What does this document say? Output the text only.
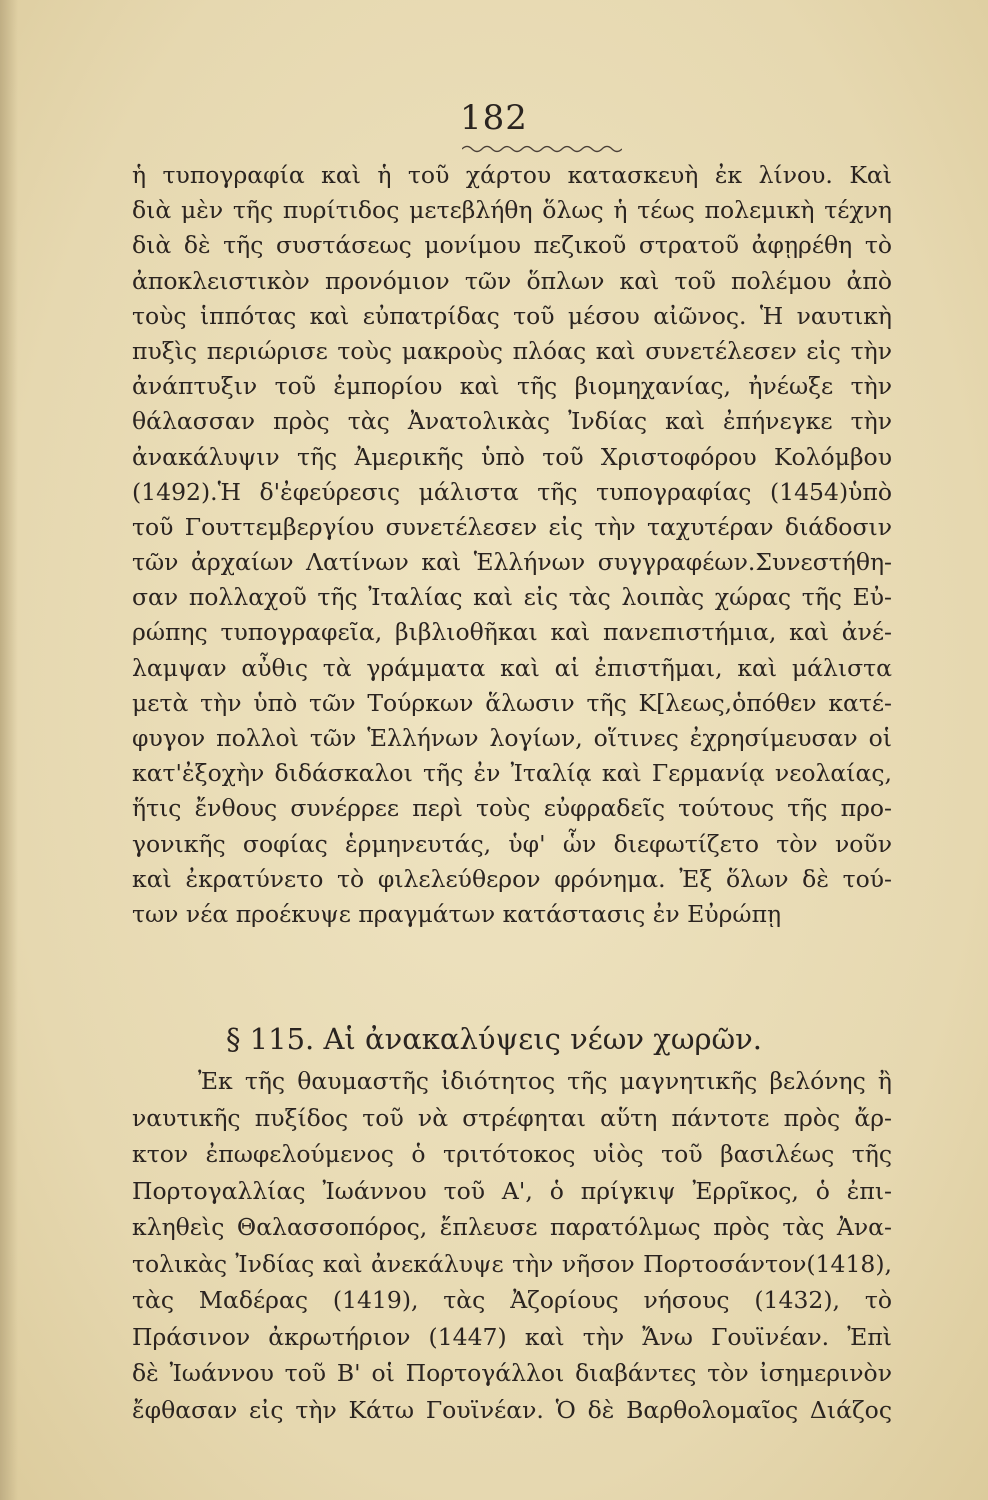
182
ἡ τυπογραφία καὶ ἡ τοῦ χάρτου κατασκευὴ ἐκ λίνου. Καὶ
διὰ μὲν τῆς πυρίτιδος μετεβλήθη ὅλως ἡ τέως πολεμικὴ τέχνη
διὰ δὲ τῆς συστάσεως μονίμου πεζικοῦ στρατοῦ ἀφῃρέθη τὸ
ἀποκλειστικὸν προνόμιον τῶν ὅπλων καὶ τοῦ πολέμου ἀπὸ
τοὺς ἱππότας καὶ εὐπατρίδας τοῦ μέσου αἰῶνος. Ἡ ναυτικὴ
πυξὶς περιώρισε τοὺς μακροὺς πλόας καὶ συνετέλεσεν εἰς τὴν
ἀνάπτυξιν τοῦ ἐμπορίου καὶ τῆς βιομηχανίας, ἠνέωξε τὴν
θάλασσαν πρὸς τὰς Ἀνατολικὰς Ἰνδίας καὶ ἐπήνεγκε τὴν
ἀνακάλυψιν τῆς Ἀμερικῆς ὑπὸ τοῦ Χριστοφόρου Κολόμβου
(1492).Ἡ δ'ἐφεύρεσις μάλιστα τῆς τυπογραφίας (1454)ὑπὸ
τοῦ Γουττεμβεργίου συνετέλεσεν εἰς τὴν ταχυτέραν διάδοσιν
τῶν ἀρχαίων Λατίνων καὶ Ἑλλήνων συγγραφέων.Συνεστήθη-
σαν πολλαχοῦ τῆς Ἰταλίας καὶ εἰς τὰς λοιπὰς χώρας τῆς Εὐ-
ρώπης τυπογραφεῖα, βιβλιοθῆκαι καὶ πανεπιστήμια, καὶ ἀνέ-
λαμψαν αὖθις τὰ γράμματα καὶ αἱ ἐπιστῆμαι, καὶ μάλιστα
μετὰ τὴν ὑπὸ τῶν Τούρκων ἅλωσιν τῆς Κ[λεως,ὁπόθεν κατέ-
φυγον πολλοὶ τῶν Ἑλλήνων λογίων, οἵτινες ἐχρησίμευσαν οἱ
κατ'ἐξοχὴν διδάσκαλοι τῆς ἐν Ἰταλίᾳ καὶ Γερμανίᾳ νεολαίας,
ἥτις ἔνθους συνέρρεε περὶ τοὺς εὐφραδεῖς τούτους τῆς προ-
γονικῆς σοφίας ἑρμηνευτάς, ὑφ' ὧν διεφωτίζετο τὸν νοῦν
καὶ ἐκρατύνετο τὸ φιλελεύθερον φρόνημα. Ἐξ ὅλων δὲ τού-
των νέα προέκυψε πραγμάτων κατάστασις ἐν Εὐρώπῃ
§ 115. Αἱ ἀνακαλύψεις νέων χωρῶν.
Ἐκ τῆς θαυμαστῆς ἰδιότητος τῆς μαγνητικῆς βελόνης ἢ
ναυτικῆς πυξίδος τοῦ νὰ στρέφηται αὕτη πάντοτε πρὸς ἄρ-
κτον ἐπωφελούμενος ὁ τριτότοκος υἱὸς τοῦ βασιλέως τῆς
Πορτογαλλίας Ἰωάννου τοῦ Α', ὁ πρίγκιψ Ἐρρῖκος, ὁ ἐπι-
κληθεὶς Θαλασσοπόρος, ἔπλευσε παρατόλμως πρὸς τὰς Ἀνα-
τολικὰς Ἰνδίας καὶ ἀνεκάλυψε τὴν νῆσον Πορτοσάντον(1418),
τὰς Μαδέρας (1419), τὰς Ἀζορίους νήσους (1432), τὸ
Πράσινον ἀκρωτήριον (1447) καὶ τὴν Ἄνω Γουϊνέαν. Ἐπὶ
δὲ Ἰωάννου τοῦ Β' οἱ Πορτογάλλοι διαβάντες τὸν ἰσημερινὸν
ἔφθασαν εἰς τὴν Κάτω Γουϊνέαν. Ὁ δὲ Βαρθολομαῖος Διάζος
